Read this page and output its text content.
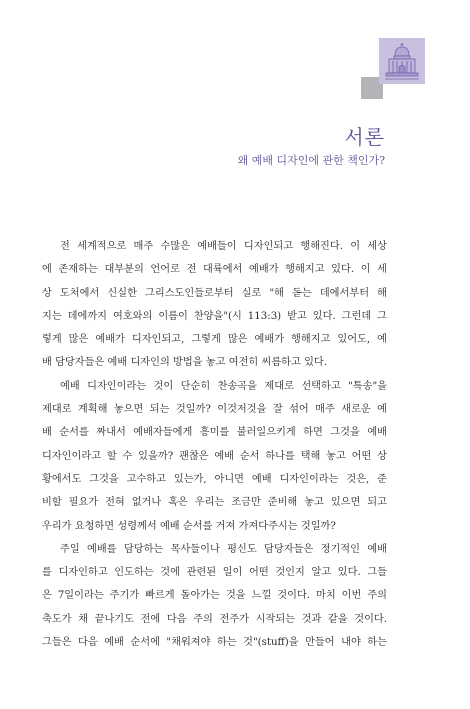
서론
왜 예배 디자인에 관한 책인가?
전 세계적으로 매주 수많은 예배들이 디자인되고 행해진다. 이 세상
에 존재하는 대부분의 언어로 전 대륙에서 예배가 행해지고 있다. 이 세
상 도처에서 신실한 그리스도인들로부터 실로 "해 돋는 데에서부터 해
지는 데에까지 여호와의 이름이 찬양을"(시 113:3) 받고 있다. 그런데 그
렇게 많은 예배가 디자인되고, 그렇게 많은 예배가 행해지고 있어도, 예
배 담당자들은 예배 디자인의 방법을 놓고 여전히 씨름하고 있다.
예배 디자인이라는 것이 단순히 찬송곡을 제대로 선택하고 "특송"을
제대로 계획해 놓으면 되는 것일까? 이것저것을 잘 섞어 매주 새로운 예
배 순서를 짜내서 예배자들에게 흥미를 불러일으키게 하면 그것을 예배
디자인이라고 할 수 있을까? 괜찮은 예배 순서 하나를 택해 놓고 어떤 상
황에서도 그것을 고수하고 있는가, 아니면 예배 디자인이라는 것은, 준
비할 필요가 전혀 없거나 혹은 우리는 조금만 준비해 놓고 있으면 되고
우리가 요청하면 성령께서 예배 순서를 거져 가져다주시는 것일까?
주일 예배를 담당하는 목사들이나 평신도 담당자들은 정기적인 예배
를 디자인하고 인도하는 것에 관련된 일이 어떤 것인지 알고 있다. 그들
은 7일이라는 주기가 빠르게 돌아가는 것을 느낄 것이다. 마치 이번 주의
축도가 채 끝나기도 전에 다음 주의 전주가 시작되는 것과 같을 것이다.
그들은 다음 예배 순서에 "채워져야 하는 것"(stuff)을 만들어 내야 하는
